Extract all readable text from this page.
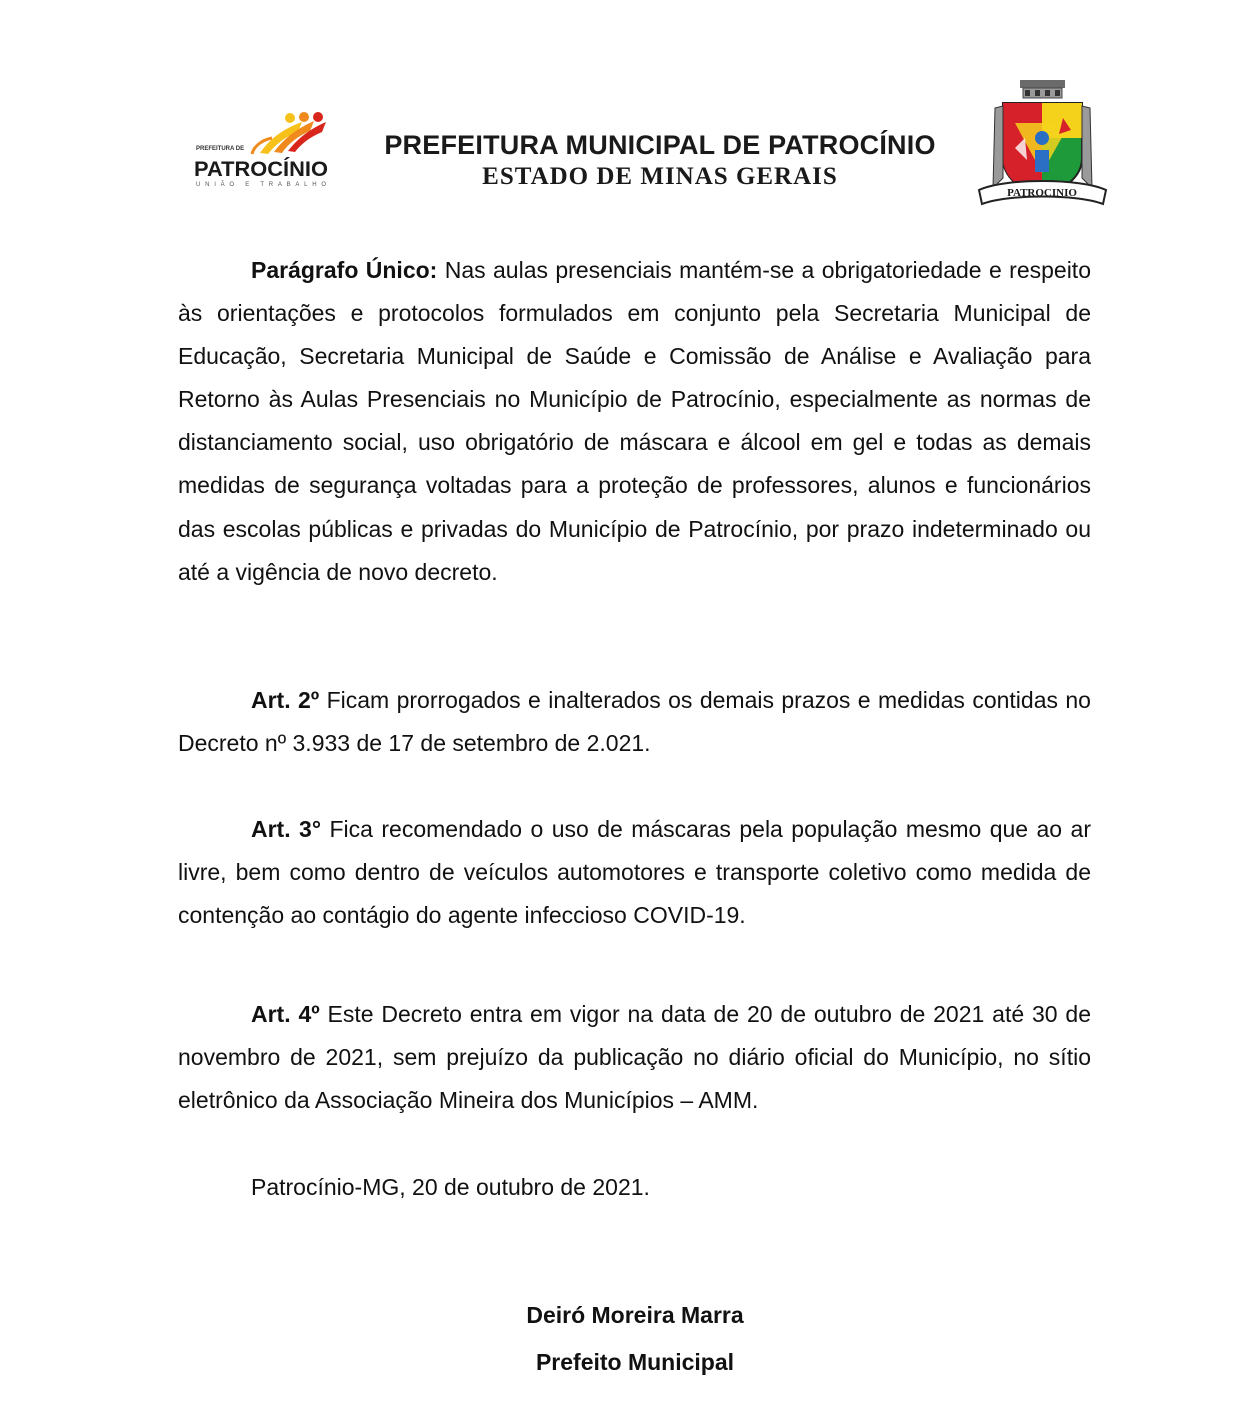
PREFEITURA DE
PATROCÍNIO
UNIÃO E TRABALHO
PREFEITURA MUNICIPAL DE PATROCÍNIO
ESTADO DE MINAS GERAIS
PATROCINIO

Parágrafo Único: Nas aulas presenciais mantém-se a obrigatoriedade e respeito às orientações e protocolos formulados em conjunto pela Secretaria Municipal de Educação, Secretaria Municipal de Saúde e Comissão de Análise e Avaliação para Retorno às Aulas Presenciais no Município de Patrocínio, especialmente as normas de distanciamento social, uso obrigatório de máscara e álcool em gel e todas as demais medidas de segurança voltadas para a proteção de professores, alunos e funcionários das escolas públicas e privadas do Município de Patrocínio, por prazo indeterminado ou até a vigência de novo decreto.

Art. 2º Ficam prorrogados e inalterados os demais prazos e medidas contidas no Decreto nº 3.933 de 17 de setembro de 2.021.

Art. 3° Fica recomendado o uso de máscaras pela população mesmo que ao ar livre, bem como dentro de veículos automotores e transporte coletivo como medida de contenção ao contágio do agente infeccioso COVID-19.

Art. 4º Este Decreto entra em vigor na data de 20 de outubro de 2021 até 30 de novembro de 2021, sem prejuízo da publicação no diário oficial do Município, no sítio eletrônico da Associação Mineira dos Municípios – AMM.

Patrocínio-MG, 20 de outubro de 2021.
Deiró Moreira Marra
Prefeito Municipal
